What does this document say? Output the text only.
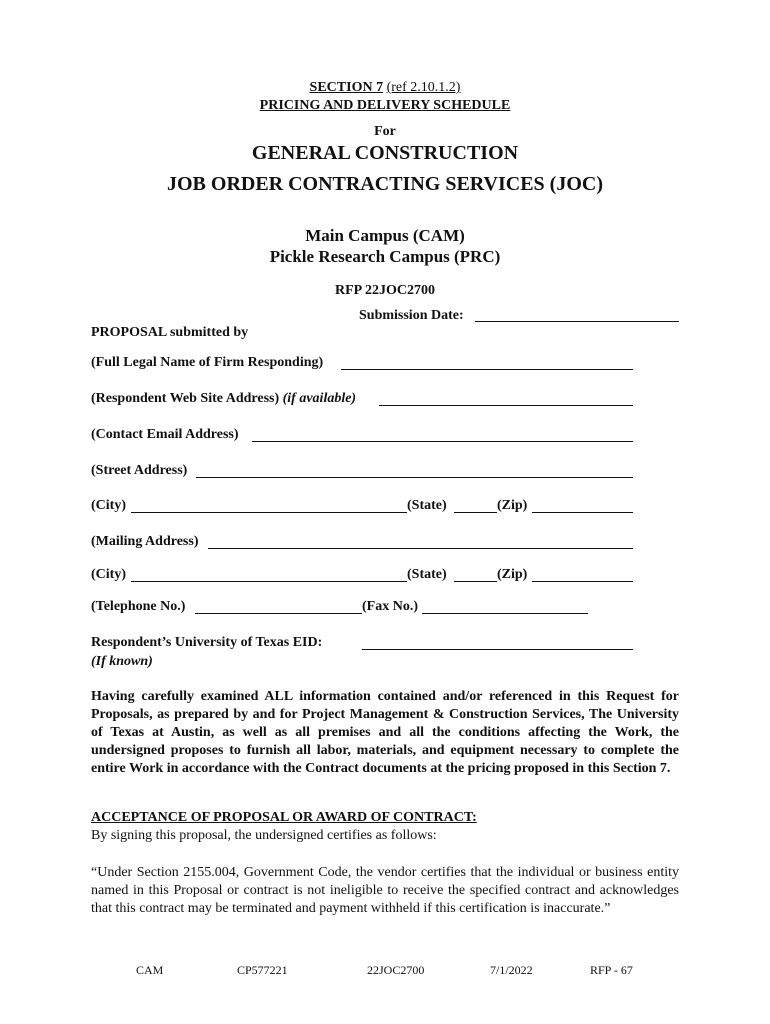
SECTION 7 (ref 2.10.1.2)
PRICING AND DELIVERY SCHEDULE
For
GENERAL CONSTRUCTION
JOB ORDER CONTRACTING SERVICES (JOC)
Main Campus (CAM)
Pickle Research Campus (PRC)
RFP 22JOC2700
Submission Date:
PROPOSAL submitted by
(Full Legal Name of Firm Responding)
(Respondent Web Site Address) (if available)
(Contact Email Address)
(Street Address)
(City)	(State)	(Zip)
(Mailing Address)
(City)	(State)	(Zip)
(Telephone No.)	(Fax No.)
Respondent’s University of Texas EID:
(If known)
Having carefully examined ALL information contained and/or referenced in this Request for Proposals, as prepared by and for Project Management & Construction Services, The University of Texas at Austin, as well as all premises and all the conditions affecting the Work, the undersigned proposes to furnish all labor, materials, and equipment necessary to complete the entire Work in accordance with the Contract documents at the pricing proposed in this Section 7.
ACCEPTANCE OF PROPOSAL OR AWARD OF CONTRACT:
By signing this proposal, the undersigned certifies as follows:
“Under Section 2155.004, Government Code, the vendor certifies that the individual or business entity named in this Proposal or contract is not ineligible to receive the specified contract and acknowledges that this contract may be terminated and payment withheld if this certification is inaccurate.”
CAM	CP577221	22JOC2700	7/1/2022	RFP - 67
